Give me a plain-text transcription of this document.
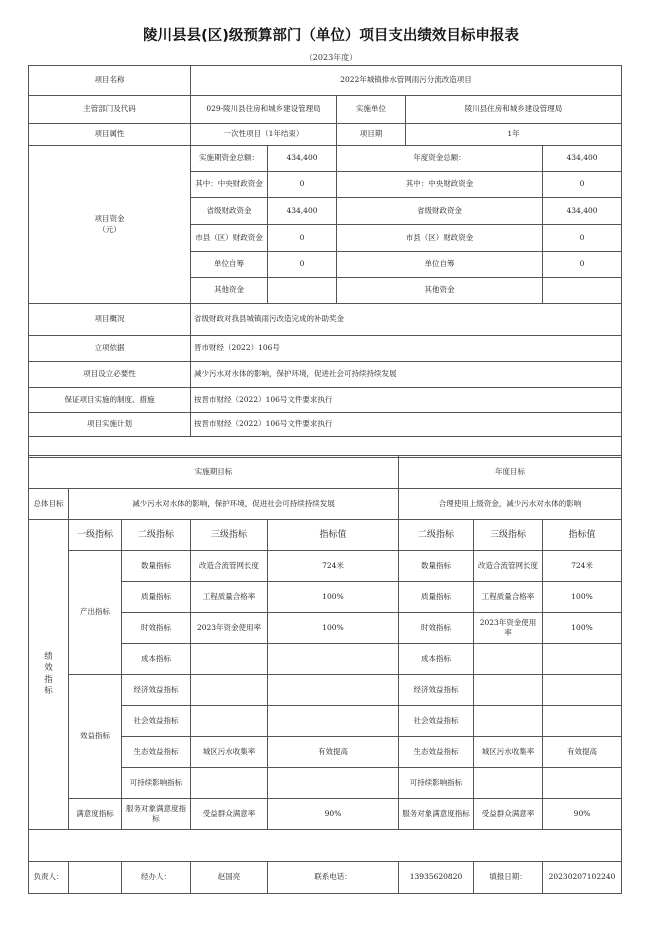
陵川县县(区)级预算部门（单位）项目支出绩效目标申报表
（2023年度）
项目名称	2022年城镇排水管网雨污分流改造项目				
主管部门及代码	029-陵川县住房和城乡建设管理局		实施单位	陵川县住房和城乡建设管理局	
项目属性	一次性项目（1年结束）		项目期	1年	
项目资金
（元）	实施期资金总额：	434,400	年度资金总额：		434,400
	其中：中央财政资金	0	其中：中央财政资金		0
	省级财政资金	434,400	省级财政资金		434,400
	市县（区）财政资金	0	市县（区）财政资金		0
	单位自筹	0	单位自筹		0
	其他资金		其他资金		
项目概况	省级财政对我县城镇雨污改造完成的补助奖金				
立项依据	晋市财经（2022）106号				
项目设立必要性	减少污水对水体的影响，保护环境，促进社会可持续持续发展				
保证项目实施的制度、措施	按晋市财经（2022）106号文件要求执行				
项目实施计划	按晋市财经（2022）106号文件要求执行				

实施期目标					年度目标		
总体目标	减少污水对水体的影响，保护环境，促进社会可持续持续发展				合理使用上级资金，减少污水对水体的影响		
绩
效
指
标	一级指标	二级指标	三级指标	指标值	二级指标	三级指标	指标值
	产出指标	数量指标	改造合流管网长度	724米	数量指标	改造合流管网长度	724米
		质量指标	工程质量合格率	100%	质量指标	工程质量合格率	100%
		时效指标	2023年资金使用率	100%	时效指标	2023年资金使用率	100%
		成本指标			成本指标		
	效益指标	经济效益指标			经济效益指标		
		社会效益指标			社会效益指标		
		生态效益指标	城区污水收集率	有效提高	生态效益指标	城区污水收集率	有效提高
		可持续影响指标			可持续影响指标		
	满意度指标	服务对象满意度指标	受益群众满意率	90%	服务对象满意度指标	受益群众满意率	90%

负责人：		经办人：	赵国亮	联系电话：	13935620820	填报日期：	20230207102240
